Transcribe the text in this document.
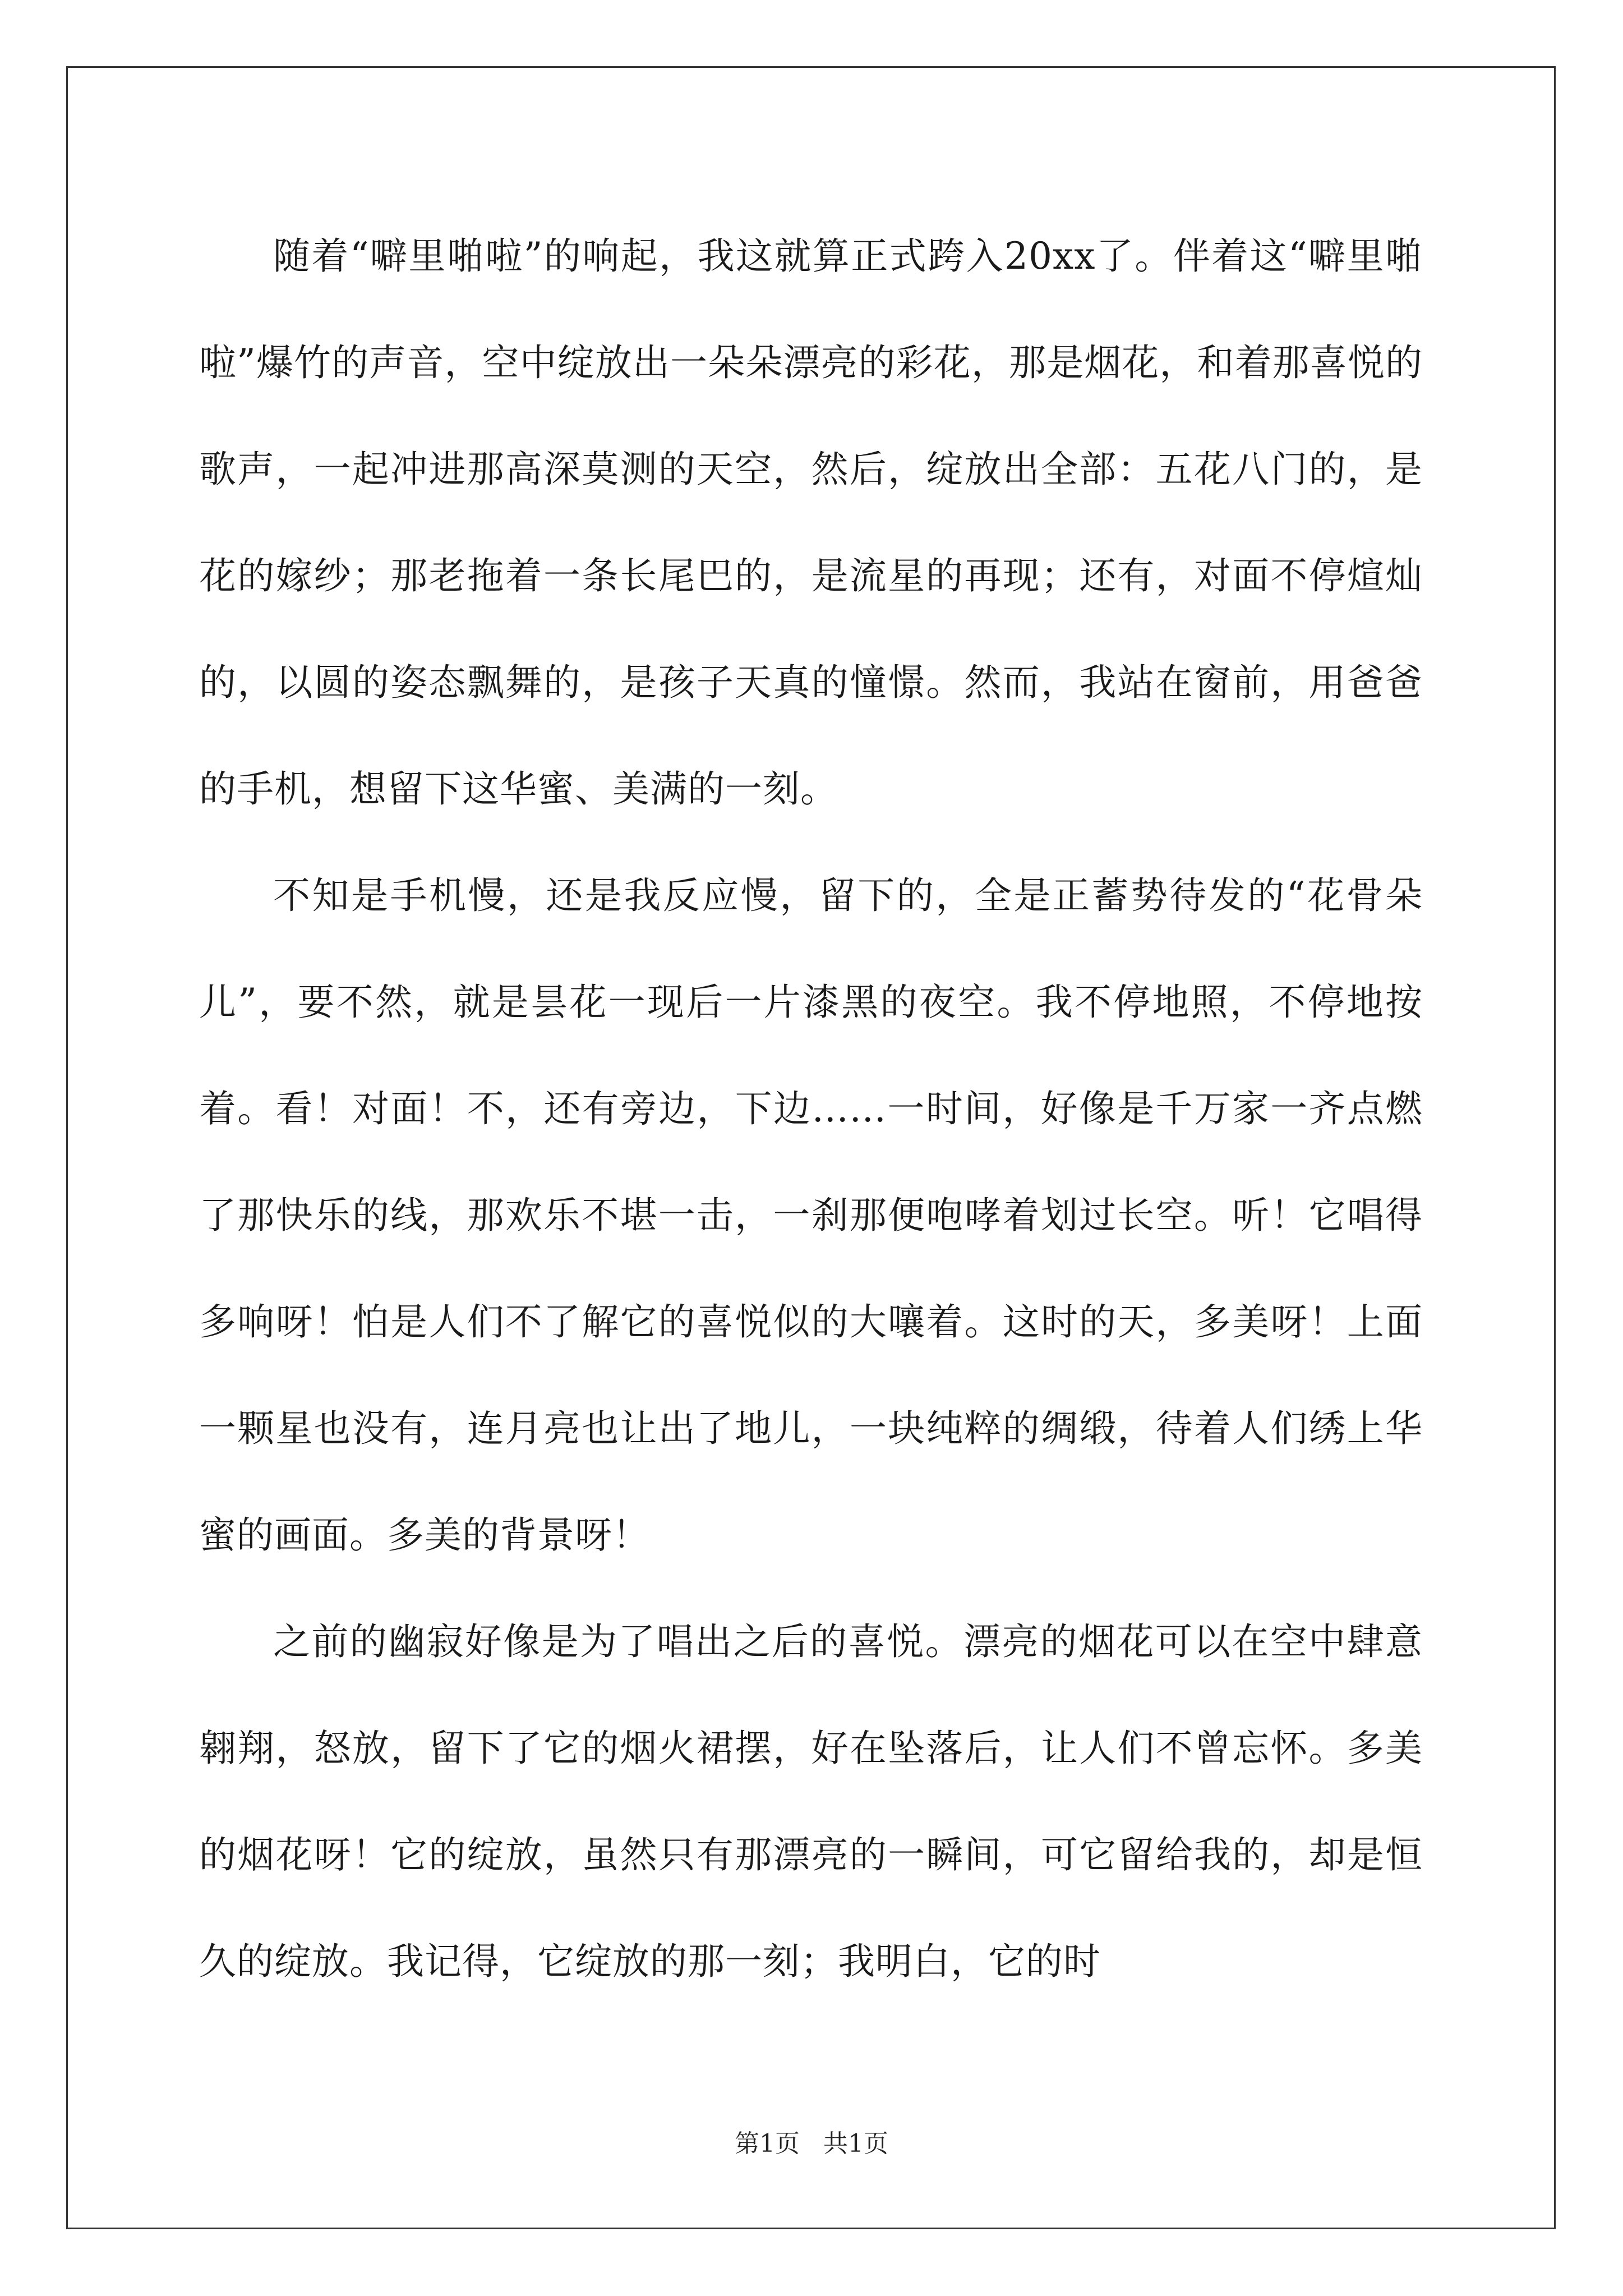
随着“噼里啪啦”的响起，我这就算正式跨入20xx了。伴着这“噼里啪啦”爆竹的声音，空中绽放出一朵朵漂亮的彩花，那是烟花，和着那喜悦的歌声，一起冲进那高深莫测的天空，然后，绽放出全部：五花八门的，是花的嫁纱；那老拖着一条长尾巴的，是流星的再现；还有，对面不停煊灿的，以圆的姿态飘舞的，是孩子天真的憧憬。然而，我站在窗前，用爸爸的手机，想留下这华蜜、美满的一刻。

不知是手机慢，还是我反应慢，留下的，全是正蓄势待发的“花骨朵儿”，要不然，就是昙花一现后一片漆黑的夜空。我不停地照，不停地按着。看！对面！不，还有旁边，下边……一时间，好像是千万家一齐点燃了那快乐的线，那欢乐不堪一击，一刹那便咆哮着划过长空。听！它唱得多响呀！怕是人们不了解它的喜悦似的大嚷着。这时的天，多美呀！上面一颗星也没有，连月亮也让出了地儿，一块纯粹的绸缎，待着人们绣上华蜜的画面。多美的背景呀！

之前的幽寂好像是为了唱出之后的喜悦。漂亮的烟花可以在空中肆意翱翔，怒放，留下了它的烟火裙摆，好在坠落后，让人们不曾忘怀。多美的烟花呀！它的绽放，虽然只有那漂亮的一瞬间，可它留给我的，却是恒久的绽放。我记得，它绽放的那一刻；我明白，它的时

第1页   共1页
